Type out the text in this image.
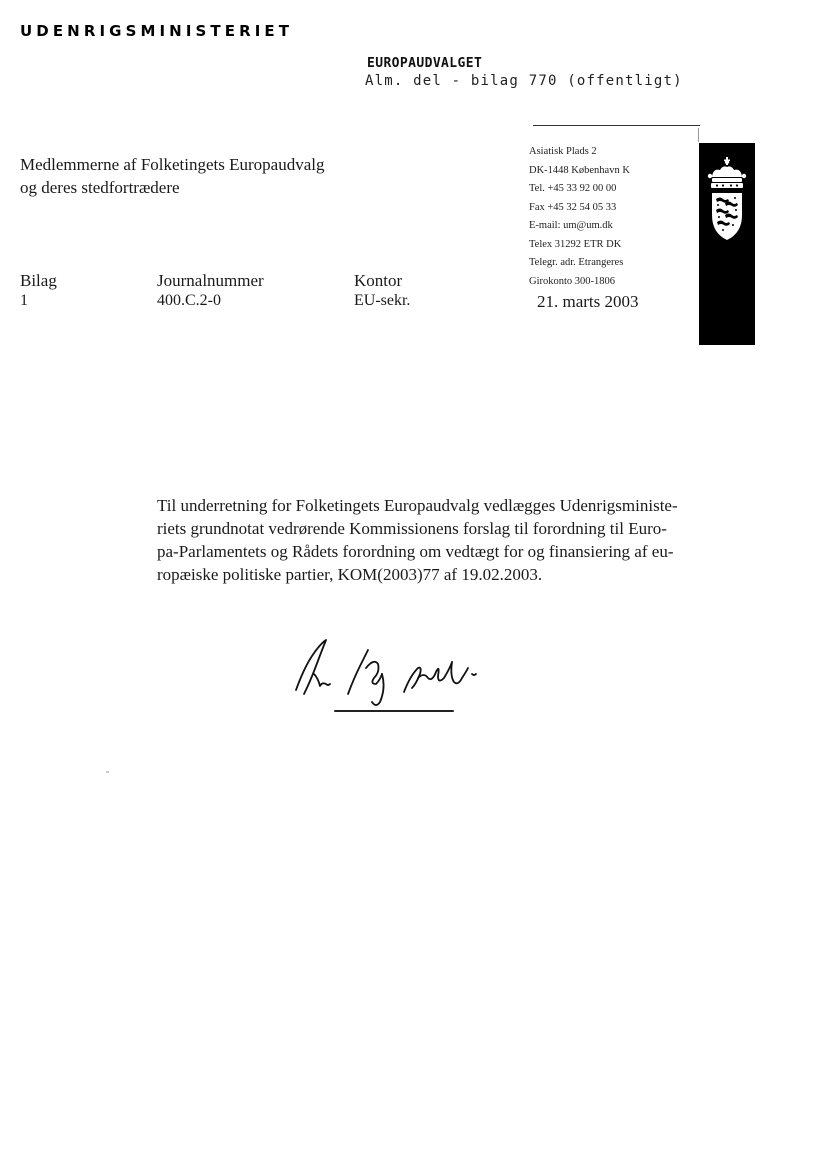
UDENRIGSMINISTERIET
EUROPAUDVALGET
Alm. del - bilag 770 (offentligt)
Medlemmerne af Folketingets Europaudvalg
og deres stedfortrædere
Asiatisk Plads 2
DK-1448 København K
Tel. +45 33 92 00 00
Fax +45 32 54 05 33
E-mail: um@um.dk
Telex 31292 ETR DK
Telegr. adr. Etrangeres
Girokonto 300-1806
Bilag
1
Journalnummer
400.C.2-0
Kontor
EU-sekr.	21. marts 2003
Til underretning for Folketingets Europaudvalg vedlægges Udenrigsministe-
riets grundnotat vedrørende Kommissionens forslag til forordning til Euro-
pa-Parlamentets og Rådets forordning om vedtægt for og finansiering af eu-
ropæiske politiske partier, KOM(2003)77 af 19.02.2003.
